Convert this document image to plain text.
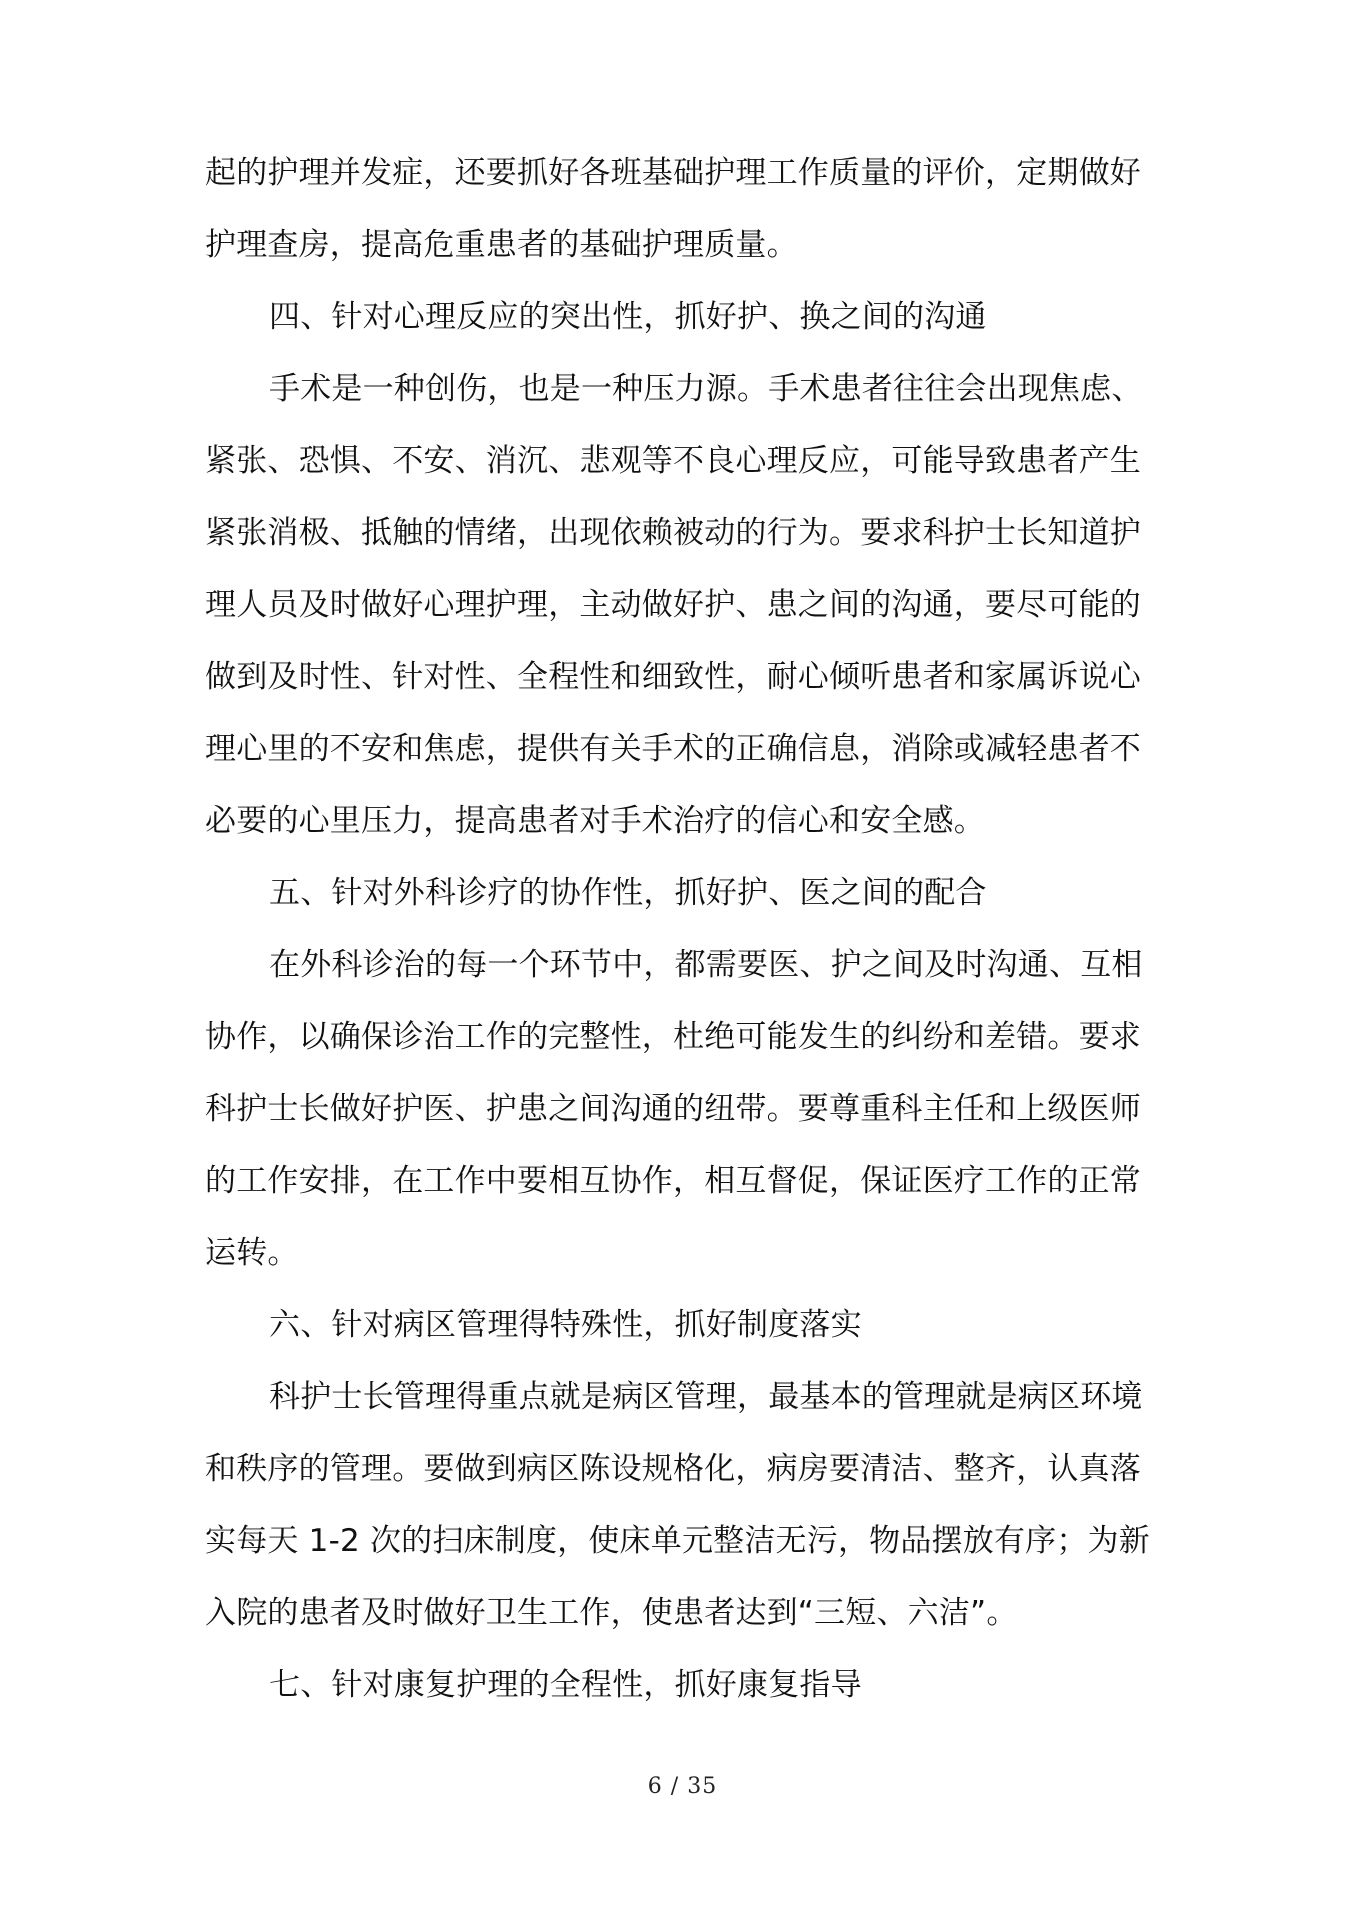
起的护理并发症，还要抓好各班基础护理工作质量的评价，定期做好
护理查房，提高危重患者的基础护理质量。
四、针对心理反应的突出性，抓好护、换之间的沟通
手术是一种创伤，也是一种压力源。手术患者往往会出现焦虑、
紧张、恐惧、不安、消沉、悲观等不良心理反应，可能导致患者产生
紧张消极、抵触的情绪，出现依赖被动的行为。要求科护士长知道护
理人员及时做好心理护理，主动做好护、患之间的沟通，要尽可能的
做到及时性、针对性、全程性和细致性，耐心倾听患者和家属诉说心
理心里的不安和焦虑，提供有关手术的正确信息，消除或减轻患者不
必要的心里压力，提高患者对手术治疗的信心和安全感。
五、针对外科诊疗的协作性，抓好护、医之间的配合
在外科诊治的每一个环节中，都需要医、护之间及时沟通、互相
协作，以确保诊治工作的完整性，杜绝可能发生的纠纷和差错。要求
科护士长做好护医、护患之间沟通的纽带。要尊重科主任和上级医师
的工作安排，在工作中要相互协作，相互督促，保证医疗工作的正常
运转。
六、针对病区管理得特殊性，抓好制度落实
科护士长管理得重点就是病区管理，最基本的管理就是病区环境
和秩序的管理。要做到病区陈设规格化，病房要清洁、整齐，认真落
实每天 1-2 次的扫床制度，使床单元整洁无污，物品摆放有序；为新
入院的患者及时做好卫生工作，使患者达到“三短、六洁”。
七、针对康复护理的全程性，抓好康复指导
6 / 35
